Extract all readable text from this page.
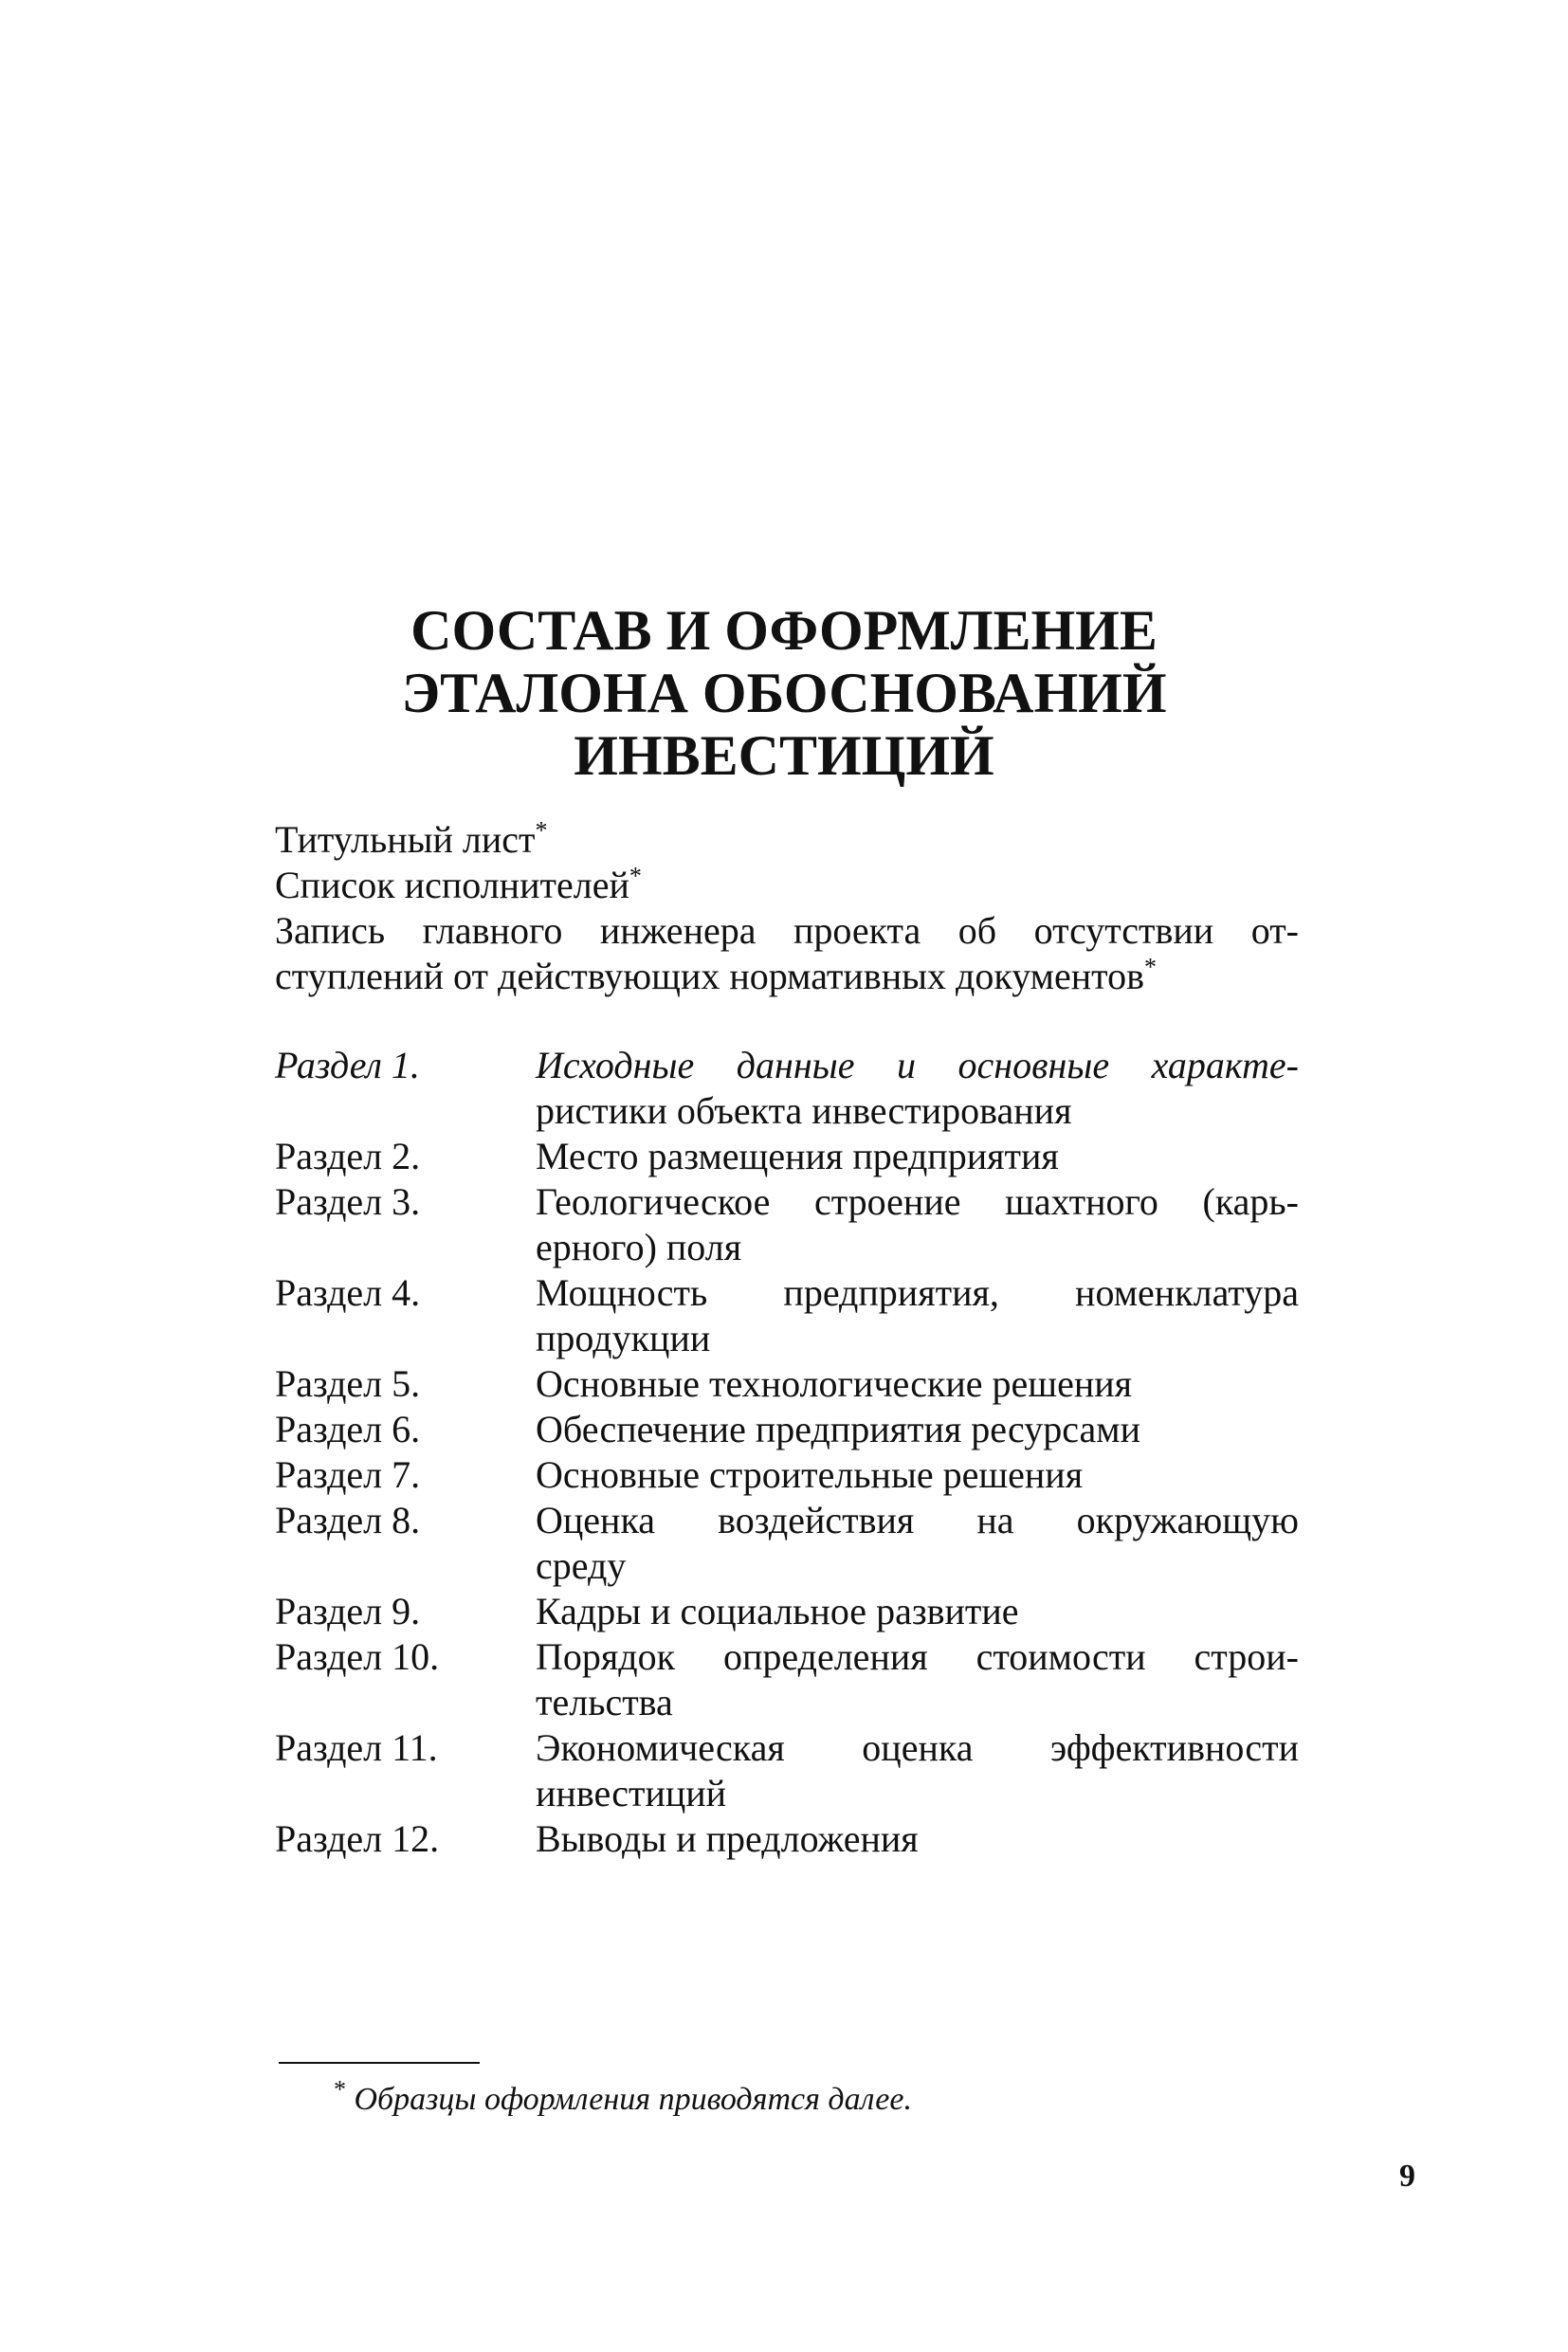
СОСТАВ И ОФОРМЛЕНИЕ
ЭТАЛОНА ОБОСНОВАНИЙ
ИНВЕСТИЦИЙ
Титульный лист*
Список исполнителей*
Запись главного инженера проекта об отсутствии от-
ступлений от действующих нормативных документов*
Раздел 1.	Исходные данные и основные характе-
ристики объекта инвестирования
Раздел 2.	Место размещения предприятия
Раздел 3.	Геологическое строение шахтного (карь-
ерного) поля
Раздел 4.	Мощность предприятия, номенклатура
продукции
Раздел 5.	Основные технологические решения
Раздел 6.	Обеспечение предприятия ресурсами
Раздел 7.	Основные строительные решения
Раздел 8.	Оценка воздействия на окружающую
среду
Раздел 9.	Кадры и социальное развитие
Раздел 10.	Порядок определения стоимости строи-
тельства
Раздел 11.	Экономическая оценка эффективности
инвестиций
Раздел 12.	Выводы и предложения
* Образцы оформления приводятся далее.
9
